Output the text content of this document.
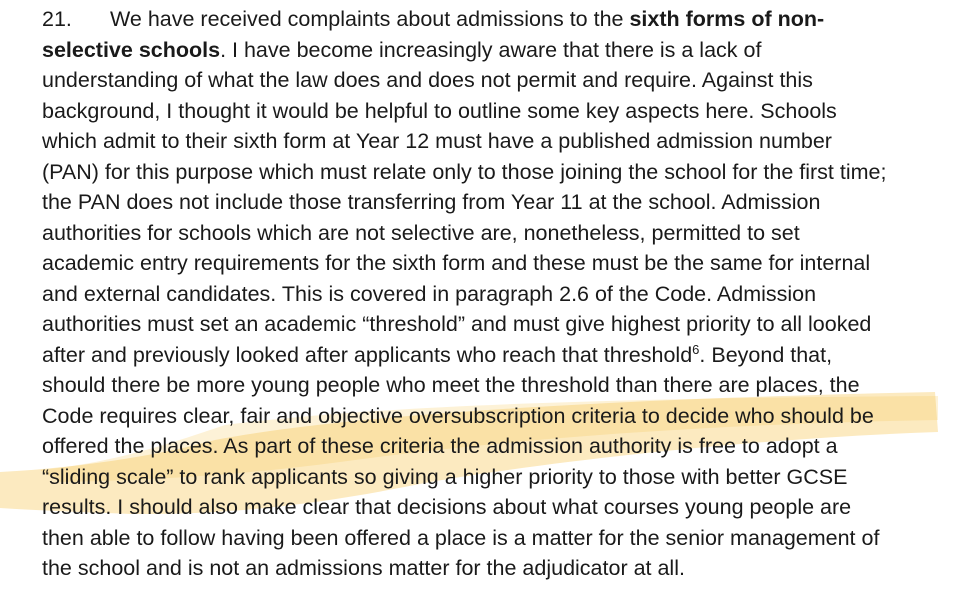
21. We have received complaints about admissions to the sixth forms of non-
selective schools. I have become increasingly aware that there is a lack of
understanding of what the law does and does not permit and require. Against this
background, I thought it would be helpful to outline some key aspects here. Schools
which admit to their sixth form at Year 12 must have a published admission number
(PAN) for this purpose which must relate only to those joining the school for the first time;
the PAN does not include those transferring from Year 11 at the school. Admission
authorities for schools which are not selective are, nonetheless, permitted to set
academic entry requirements for the sixth form and these must be the same for internal
and external candidates. This is covered in paragraph 2.6 of the Code. Admission
authorities must set an academic “threshold” and must give highest priority to all looked
after and previously looked after applicants who reach that threshold$^6$. Beyond that,
should there be more young people who meet the threshold than there are places, the
Code requires clear, fair and objective oversubscription criteria to decide who should be
offered the places. As part of these criteria the admission authority is free to adopt a
“sliding scale” to rank applicants so giving a higher priority to those with better GCSE
results. I should also make clear that decisions about what courses young people are
then able to follow having been offered a place is a matter for the senior management of
the school and is not an admissions matter for the adjudicator at all.
